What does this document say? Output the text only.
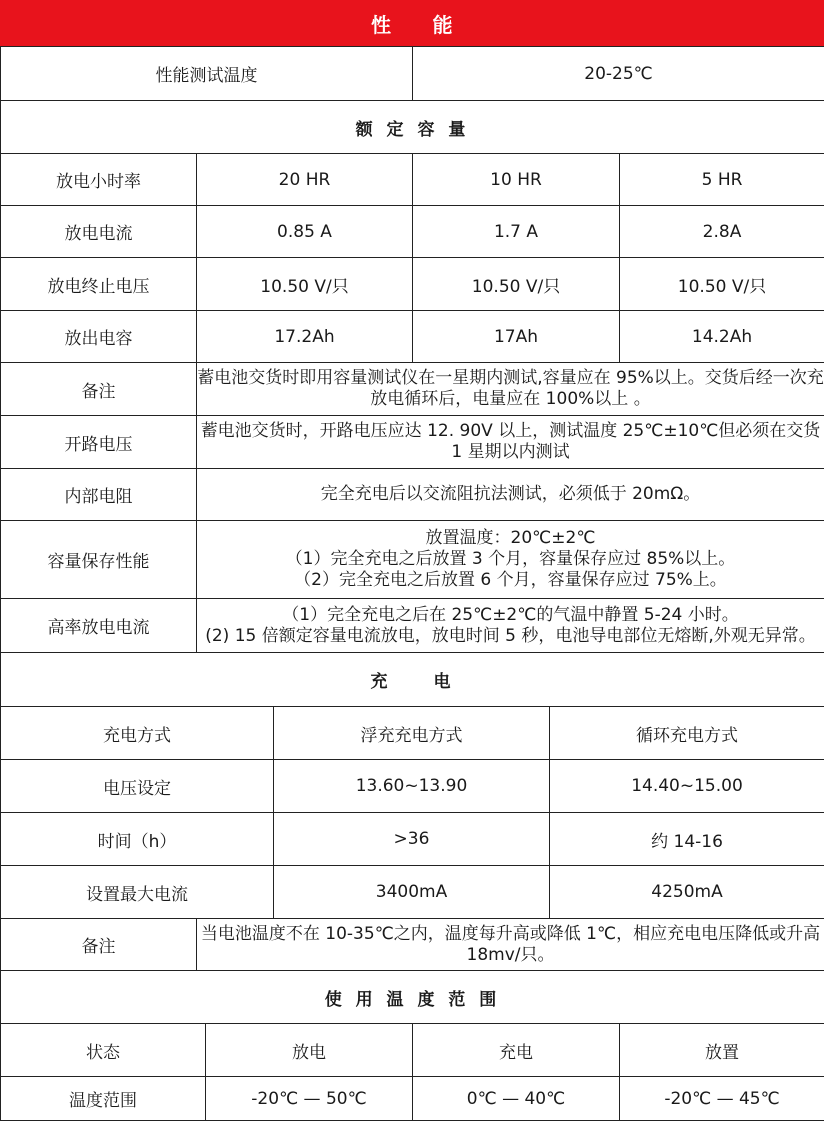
性　　能
性能测试温度	20-25℃
额 定 容 量			
放电小时率	20 HR	10 HR	5 HR
放电电流	0.85 A	1.7 A	2.8A
放电终止电压	10.50 V/只	10.50 V/只	10.50 V/只
放出电容	17.2Ah	17Ah	14.2Ah
备注	蓄电池交货时即用容量测试仪在一星期内测试,容量应在 95%以上。交货后经一次充放电循环后，电量应在 100%以上 。
开路电压	蓄电池交货时，开路电压应达 12. 90V 以上，测试温度 25℃±10℃但必须在交货 1 星期以内测试
内部电阻	完全充电后以交流阻抗法测试，必须低于 20mΩ。
容量保存性能	放置温度：20℃±2℃
（1）完全充电之后放置 3 个月，容量保存应过 85%以上。
（2）完全充电之后放置 6 个月，容量保存应过 75%上。

高率放电电流	（1）完全充电之后在 25℃±2℃的气温中静置 5-24 小时。
(2) 15 倍额定容量电流放电，放电时间 5 秒，电池导电部位无熔断,外观无异常。
充　　电		
充电方式	浮充充电方式	循环充电方式
电压设定	13.60~13.90	14.40~15.00
时间（h）	>36	约 14-16
设置最大电流	3400mA	4250mA
备注	当电池温度不在 10-35℃之内，温度每升高或降低 1℃，相应充电电压降低或升高 18mv/只。
使 用 温 度 范 围			
状态	放电	充电	放置
温度范围	-20℃ — 50℃	0℃ — 40℃	-20℃ — 45℃
